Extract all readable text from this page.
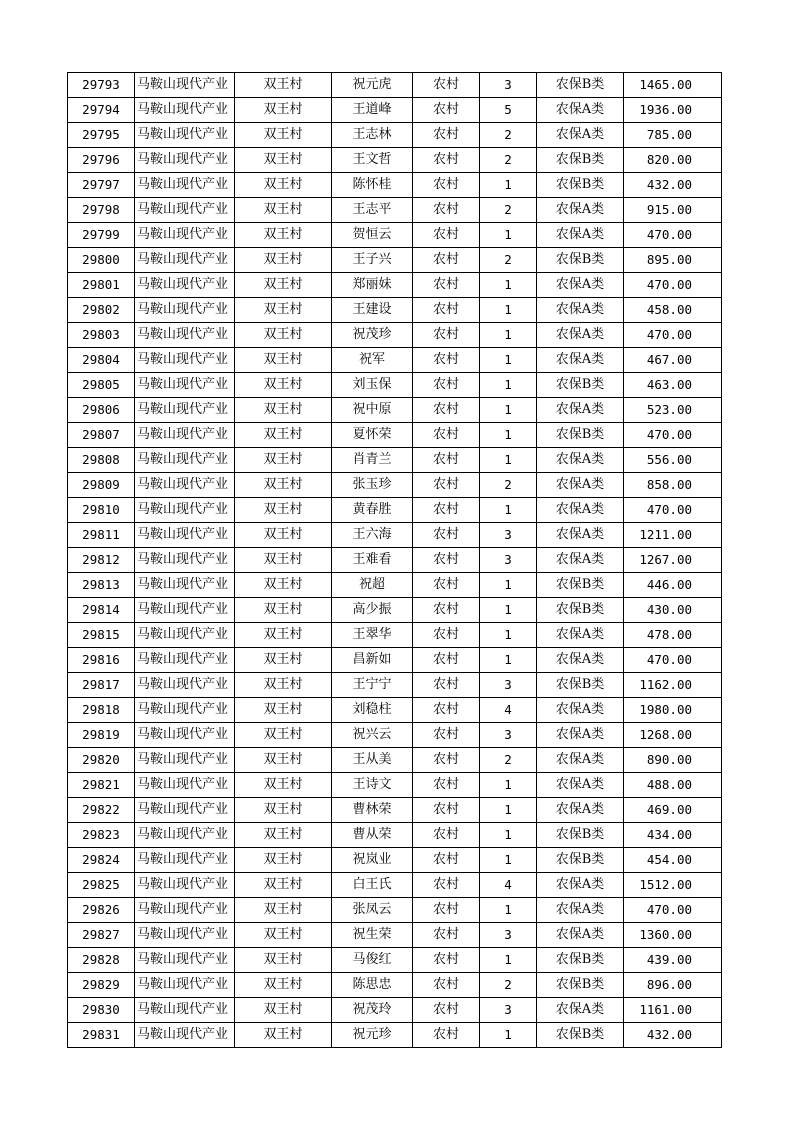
29793	马鞍山现代产业	双王村	祝元虎	农村	3	农保B类	1465.00
29794	马鞍山现代产业	双王村	王道峰	农村	5	农保A类	1936.00
29795	马鞍山现代产业	双王村	王志林	农村	2	农保A类	785.00
29796	马鞍山现代产业	双王村	王文哲	农村	2	农保B类	820.00
29797	马鞍山现代产业	双王村	陈怀桂	农村	1	农保B类	432.00
29798	马鞍山现代产业	双王村	王志平	农村	2	农保A类	915.00
29799	马鞍山现代产业	双王村	贺恒云	农村	1	农保A类	470.00
29800	马鞍山现代产业	双王村	王子兴	农村	2	农保B类	895.00
29801	马鞍山现代产业	双王村	郑丽妹	农村	1	农保A类	470.00
29802	马鞍山现代产业	双王村	王建设	农村	1	农保A类	458.00
29803	马鞍山现代产业	双王村	祝茂珍	农村	1	农保A类	470.00
29804	马鞍山现代产业	双王村	祝军	农村	1	农保A类	467.00
29805	马鞍山现代产业	双王村	刘玉保	农村	1	农保B类	463.00
29806	马鞍山现代产业	双王村	祝中原	农村	1	农保A类	523.00
29807	马鞍山现代产业	双王村	夏怀荣	农村	1	农保B类	470.00
29808	马鞍山现代产业	双王村	肖青兰	农村	1	农保A类	556.00
29809	马鞍山现代产业	双王村	张玉珍	农村	2	农保A类	858.00
29810	马鞍山现代产业	双王村	黄春胜	农村	1	农保A类	470.00
29811	马鞍山现代产业	双王村	王六海	农村	3	农保A类	1211.00
29812	马鞍山现代产业	双王村	王难看	农村	3	农保A类	1267.00
29813	马鞍山现代产业	双王村	祝超	农村	1	农保B类	446.00
29814	马鞍山现代产业	双王村	高少振	农村	1	农保B类	430.00
29815	马鞍山现代产业	双王村	王翠华	农村	1	农保A类	478.00
29816	马鞍山现代产业	双王村	昌新如	农村	1	农保A类	470.00
29817	马鞍山现代产业	双王村	王宁宁	农村	3	农保B类	1162.00
29818	马鞍山现代产业	双王村	刘稳柱	农村	4	农保A类	1980.00
29819	马鞍山现代产业	双王村	祝兴云	农村	3	农保A类	1268.00
29820	马鞍山现代产业	双王村	王从美	农村	2	农保A类	890.00
29821	马鞍山现代产业	双王村	王诗文	农村	1	农保A类	488.00
29822	马鞍山现代产业	双王村	曹林荣	农村	1	农保A类	469.00
29823	马鞍山现代产业	双王村	曹从荣	农村	1	农保B类	434.00
29824	马鞍山现代产业	双王村	祝岚业	农村	1	农保B类	454.00
29825	马鞍山现代产业	双王村	白王氏	农村	4	农保A类	1512.00
29826	马鞍山现代产业	双王村	张凤云	农村	1	农保A类	470.00
29827	马鞍山现代产业	双王村	祝生荣	农村	3	农保A类	1360.00
29828	马鞍山现代产业	双王村	马俊红	农村	1	农保B类	439.00
29829	马鞍山现代产业	双王村	陈思忠	农村	2	农保B类	896.00
29830	马鞍山现代产业	双王村	祝茂玲	农村	3	农保A类	1161.00
29831	马鞍山现代产业	双王村	祝元珍	农村	1	农保B类	432.00
